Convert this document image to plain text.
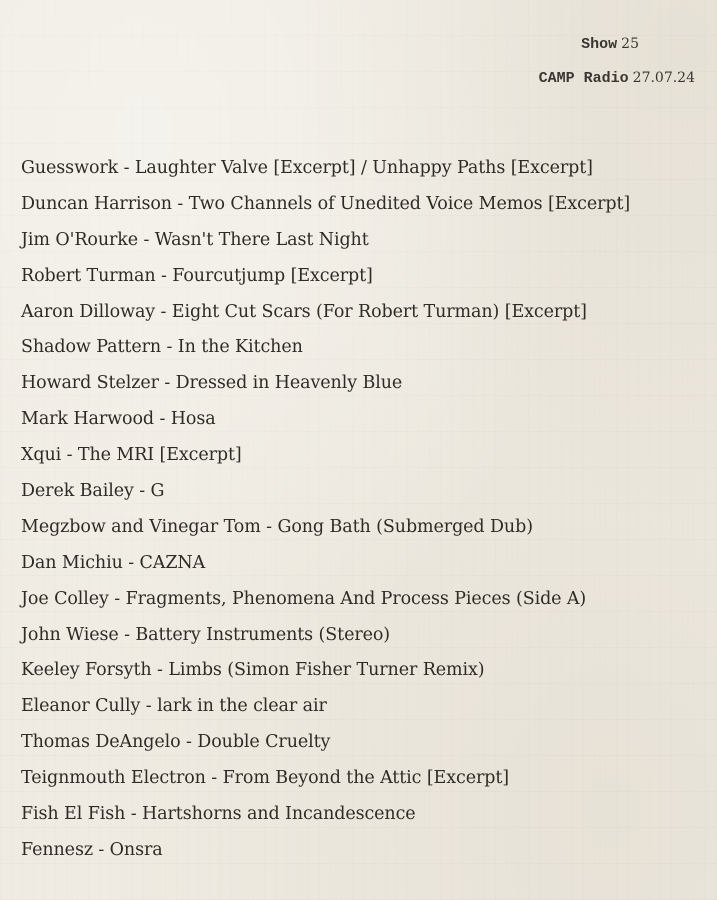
Show 25

CAMP Radio 27.07.24

Guesswork - Laughter Valve [Excerpt] / Unhappy Paths [Excerpt]
Duncan Harrison - Two Channels of Unedited Voice Memos [Excerpt]
Jim O'Rourke - Wasn't There Last Night
Robert Turman - Fourcutjump [Excerpt]
Aaron Dilloway - Eight Cut Scars (For Robert Turman) [Excerpt]
Shadow Pattern - In the Kitchen
Howard Stelzer - Dressed in Heavenly Blue
Mark Harwood - Hosa
Xqui - The MRI [Excerpt]
Derek Bailey - G
Megzbow and Vinegar Tom - Gong Bath (Submerged Dub)
Dan Michiu - CAZNA
Joe Colley - Fragments, Phenomena And Process Pieces (Side A)
John Wiese - Battery Instruments (Stereo)
Keeley Forsyth - Limbs (Simon Fisher Turner Remix)
Eleanor Cully - lark in the clear air
Thomas DeAngelo - Double Cruelty
Teignmouth Electron - From Beyond the Attic [Excerpt]
Fish El Fish - Hartshorns and Incandescence
Fennesz - Onsra
